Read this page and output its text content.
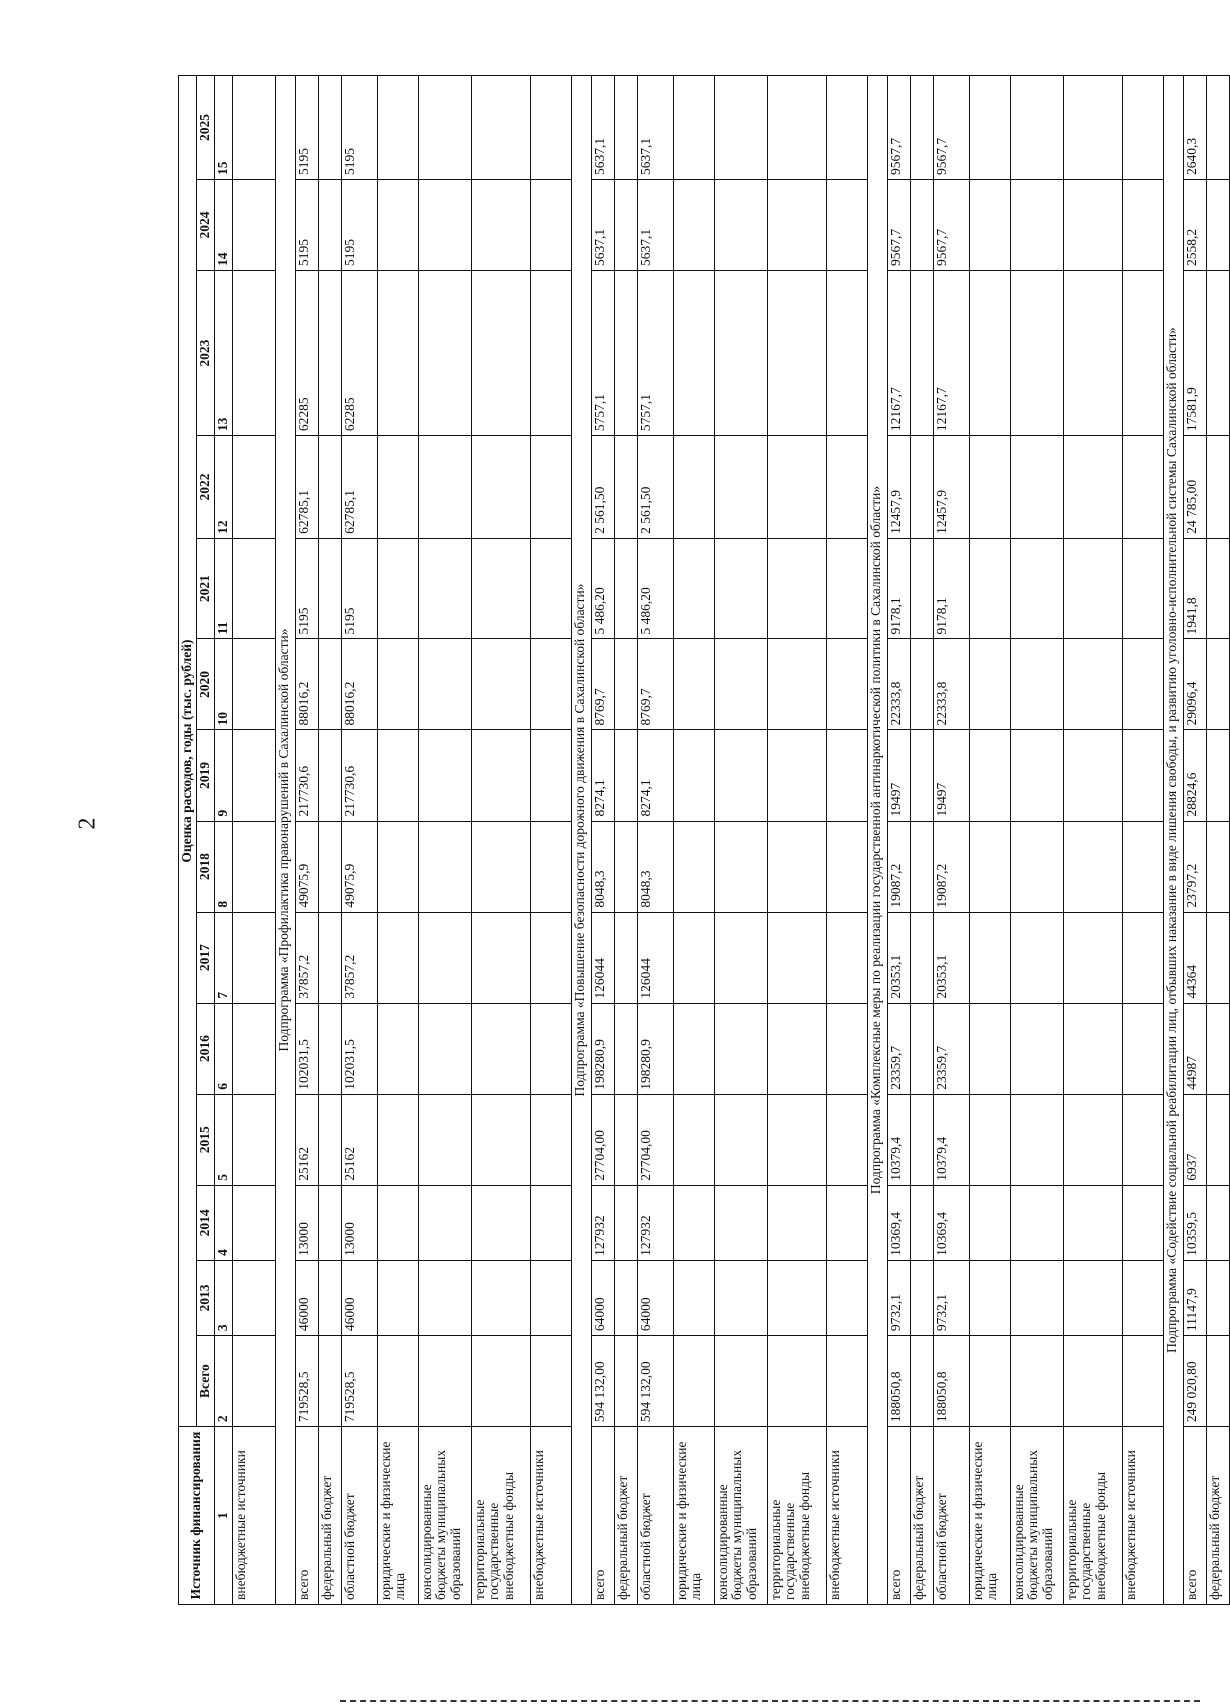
2
Источник финансирования	Оценка расходов, годы (тыс. рублей)													
	Всего	2013	2014	2015	2016	2017	2018	2019	2020	2021	2022	2023	2024	2025
1	2	3	4	5	6	7	8	9	10	11	12	13	14	15
внебюджетные источники														
Подпрограмма «Профилактика правонарушений в Сахалинской области»														
всего	719528,5	46000	13000	25162	102031,5	37857,2	49075,9	217730,6	88016,2	5195	62785,1	62285	5195	5195
федеральный бюджет														
областной бюджет	719528,5	46000	13000	25162	102031,5	37857,2	49075,9	217730,6	88016,2	5195	62785,1	62285	5195	5195
юридические и физические лица														
консолидированные бюджеты муниципальных образований														
территориальные государственные внебюджетные фонды														
внебюджетные источники														
Подпрограмма «Повышение безопасности дорожного движения в Сахалинской области»														
всего	594 132,00	64000	127932	27704,00	198280,9	126044	8048,3	8274,1	8769,7	5 486,20	2 561,50	5757,1	5637,1	5637,1
федеральный бюджет														
областной бюджет	594 132,00	64000	127932	27704,00	198280,9	126044	8048,3	8274,1	8769,7	5 486,20	2 561,50	5757,1	5637,1	5637,1
юридические и физические лица														
консолидированные бюджеты муниципальных образований														
территориальные государственные внебюджетные фонды														
внебюджетные источники														
Подпрограмма «Комплексные меры по реализации государственной антинаркотической политики в Сахалинской области»														
всего	188050,8	9732,1	10369,4	10379,4	23359,7	20353,1	19087,2	19497	22333,8	9178,1	12457,9	12167,7	9567,7	9567,7
федеральный бюджет														
областной бюджет	188050,8	9732,1	10369,4	10379,4	23359,7	20353,1	19087,2	19497	22333,8	9178,1	12457,9	12167,7	9567,7	9567,7
юридические и физические лица														
консолидированные бюджеты муниципальных образований														
территориальные государственные внебюджетные фонды														
внебюджетные источники														
Подпрограмма «Содействие социальной реабилитации лиц, отбывших наказание в виде лишения свободы, и развитию уголовно-исполнительной системы Сахалинской области»														
всего	249 020,80	11147,9	10359,5	6937	44987	44364	23797,2	28824,6	29096,4	1941,8	24 785,00	17581,9	2558,2	2640,3
федеральный бюджет														
